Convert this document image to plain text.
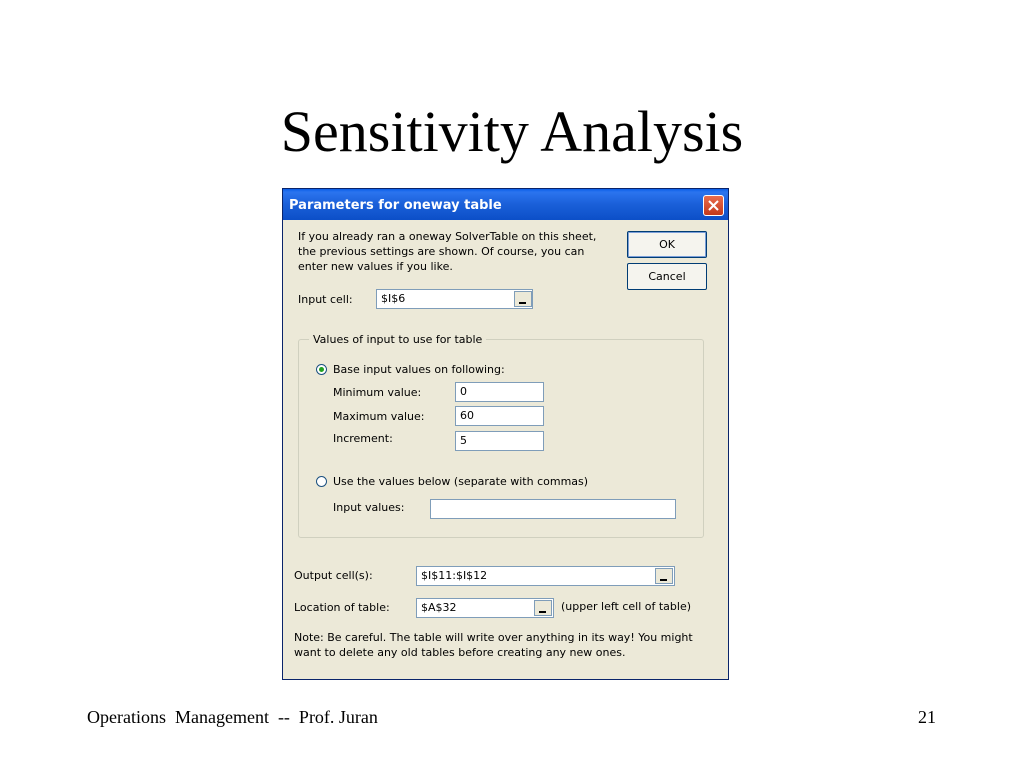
Sensitivity Analysis
Parameters for oneway table
If you already ran a oneway SolverTable on this sheet, the previous settings are shown. Of course, you can enter new values if you like.
OK
Cancel
Input cell:	$I$6
Values of input to use for table
Base input values on following:
Minimum value:	0
Maximum value:	60
Increment:	5
Use the values below (separate with commas)
Input values:
Output cell(s):	$I$11:$I$12
Location of table:	$A$32	(upper left cell of table)
Note: Be careful. The table will write over anything in its way! You might want to delete any old tables before creating any new ones.
Operations  Management  --  Prof. Juran	21
